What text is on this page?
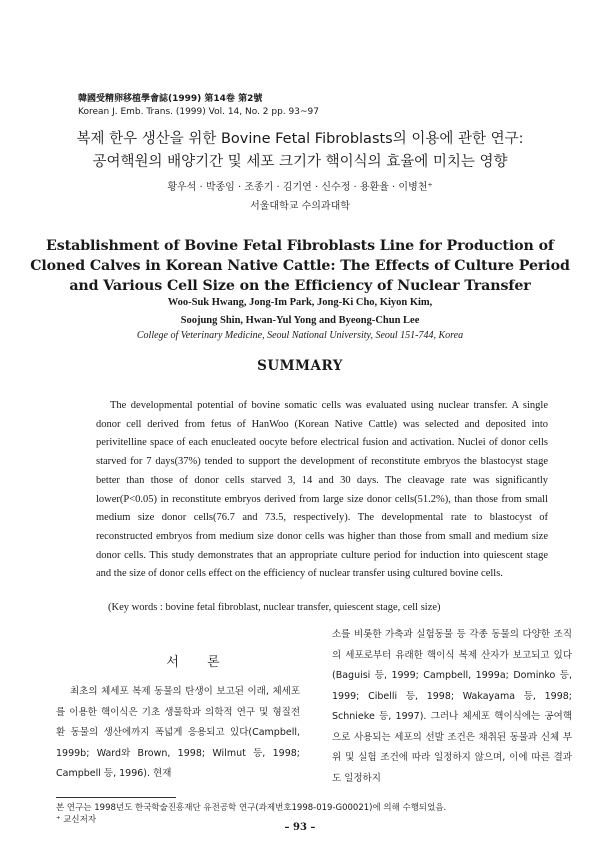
韓國受精卵移植學會誌(1999) 第14卷 第2號
Korean J. Emb. Trans. (1999) Vol. 14, No. 2 pp. 93~97
복제 한우 생산을 위한 Bovine Fetal Fibroblasts의 이용에 관한 연구:
공여핵원의 배양기간 및 세포 크기가 핵이식의 효율에 미치는 영향
황우석 · 박종임 · 조종기 · 김기연 · 신수정 · 용환율 · 이병천⁺
서울대학교 수의과대학
Establishment of Bovine Fetal Fibroblasts Line for Production of
Cloned Calves in Korean Native Cattle: The Effects of Culture Period
and Various Cell Size on the Efficiency of Nuclear Transfer
Woo-Suk Hwang, Jong-Im Park, Jong-Ki Cho, Kiyon Kim,
Soojung Shin, Hwan-Yul Yong and Byeong-Chun Lee
College of Veterinary Medicine, Seoul National University, Seoul 151-744, Korea
SUMMARY

The developmental potential of bovine somatic cells was evaluated using nuclear transfer. A single donor cell derived from fetus of HanWoo (Korean Native Cattle) was selected and deposited into perivitelline space of each enucleated oocyte before electrical fusion and activation. Nuclei of donor cells starved for 7 days(37%) tended to support the development of reconstitute embryos the blastocyst stage better than those of donor cells starved 3, 14 and 30 days. The cleavage rate was significantly lower(P<0.05) in reconstitute embryos derived from large size donor cells(51.2%), than those from small medium size donor cells(76.7 and 73.5, respectively). The developmental rate to blastocyst of reconstructed embryos from medium size donor cells was higher than those from small and medium size donor cells. This study demonstrates that an appropriate culture period for induction into quiescent stage and the size of donor cells effect on the efficiency of nuclear transfer using cultured bovine cells.

(Key words : bovine fetal fibroblast, nuclear transfer, quiescent stage, cell size)
서 론

최초의 체세포 복제 동물의 탄생이 보고된 이래, 체세포를 이용한 핵이식은 기초 생물학과 의학적 연구 및 형질전환 동물의 생산에까지 폭넓게 응용되고 있다(Campbell, 1999b; Ward와 Brown, 1998; Wilmut 등, 1998; Campbell 등, 1996). 현재

소를 비롯한 가축과 실험동물 등 각종 동물의 다양한 조직의 세포로부터 유래한 핵이식 복제 산자가 보고되고 있다 (Baguisi 등, 1999; Campbell, 1999a; Dominko 등, 1999; Cibelli 등, 1998; Wakayama 등, 1998; Schnieke 등, 1997). 그러나 체세포 핵이식에는 공여핵으로 사용되는 세포의 선발 조건은 채취된 동물과 신체 부위 및 실험 조건에 따라 일정하지 않으며, 이에 따른 결과도 일정하지

본 연구는 1998년도 한국학술진흥재단 유전공학 연구(과제번호1998-019-G00021)에 의해 수행되었음.
⁺ 교신저자
– 93 –
